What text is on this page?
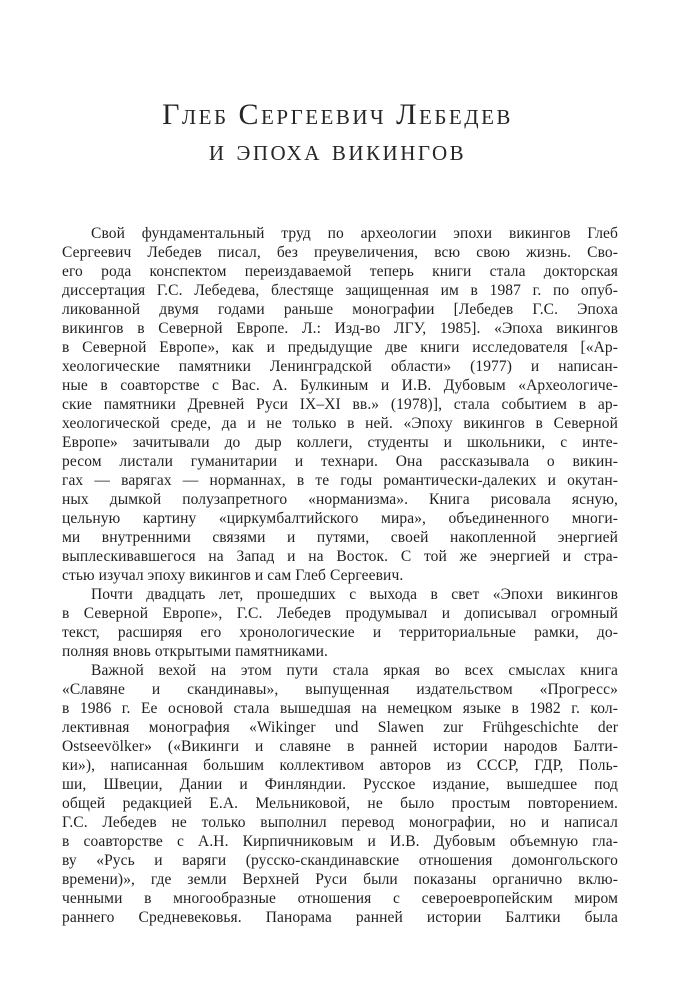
Глеб Сергеевич Лебедев
и эпоха викингов
Свой фундаментальный труд по археологии эпохи викингов Глеб
Сергеевич Лебедев писал, без преувеличения, всю свою жизнь. Сво-
его рода конспектом переиздаваемой теперь книги стала докторская
диссертация Г.С. Лебедева, блестяще защищенная им в 1987 г. по опуб-
ликованной двумя годами раньше монографии [Лебедев Г.С. Эпоха
викингов в Северной Европе. Л.: Изд-во ЛГУ, 1985]. «Эпоха викингов
в Северной Европе», как и предыдущие две книги исследователя [«Ар-
хеологические памятники Ленинградской области» (1977) и написан-
ные в соавторстве с Вас. А. Булкиным и И.В. Дубовым «Археологиче-
ские памятники Древней Руси IX–XI вв.» (1978)], стала событием в ар-
хеологической среде, да и не только в ней. «Эпоху викингов в Северной
Европе» зачитывали до дыр коллеги, студенты и школьники, с инте-
ресом листали гуманитарии и технари. Она рассказывала о викин-
гах — варягах — норманнах, в те годы романтически-далеких и окутан-
ных дымкой полузапретного «норманизма». Книга рисовала ясную,
цельную картину «циркумбалтийского мира», объединенного многи-
ми внутренними связями и путями, своей накопленной энергией
выплескивавшегося на Запад и на Восток. С той же энергией и стра-
стью изучал эпоху викингов и сам Глеб Сергеевич.
Почти двадцать лет, прошедших с выхода в свет «Эпохи викингов
в Северной Европе», Г.С. Лебедев продумывал и дописывал огромный
текст, расширяя его хронологические и территориальные рамки, до-
полняя вновь открытыми памятниками.
Важной вехой на этом пути стала яркая во всех смыслах книга
«Славяне и скандинавы», выпущенная издательством «Прогресс»
в 1986 г. Ее основой стала вышедшая на немецком языке в 1982 г. кол-
лективная монография «Wikinger und Slawen zur Frühgeschichte der
Ostseevölker» («Викинги и славяне в ранней истории народов Балти-
ки»), написанная большим коллективом авторов из СССР, ГДР, Поль-
ши, Швеции, Дании и Финляндии. Русское издание, вышедшее под
общей редакцией Е.А. Мельниковой, не было простым повторением.
Г.С. Лебедев не только выполнил перевод монографии, но и написал
в соавторстве с А.Н. Кирпичниковым и И.В. Дубовым объемную гла-
ву «Русь и варяги (русско-скандинавские отношения домонгольского
времени)», где земли Верхней Руси были показаны органично вклю-
ченными в многообразные отношения с североевропейским миром
раннего Средневековья. Панорама ранней истории Балтики была
